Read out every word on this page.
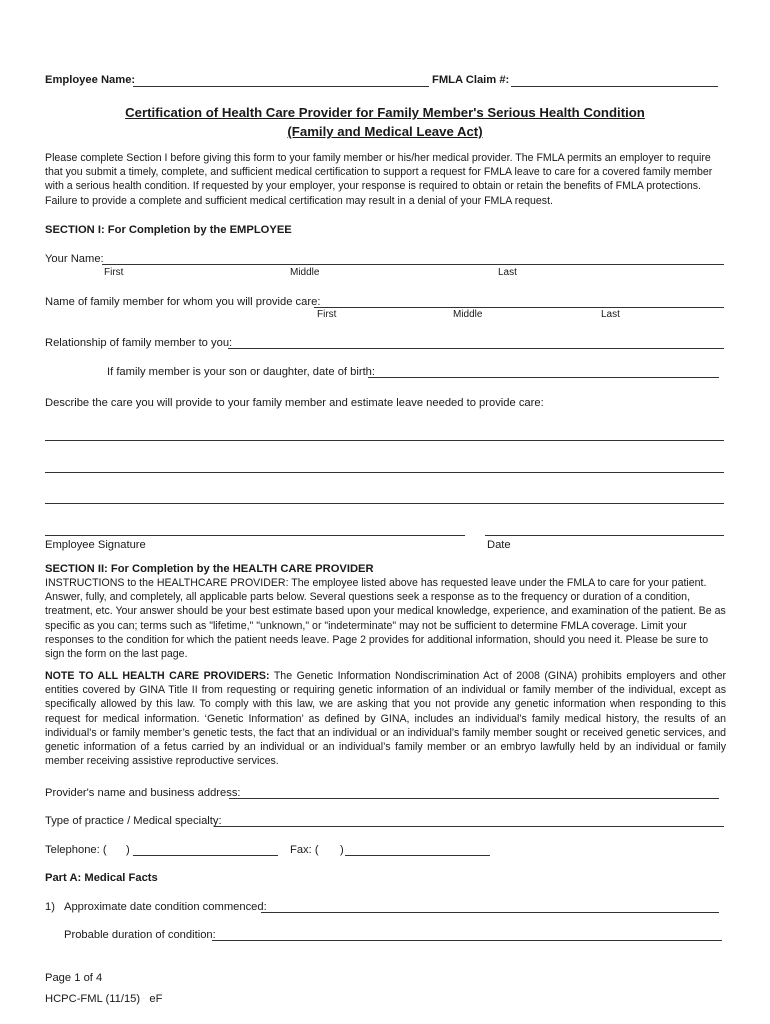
Employee Name:	FMLA Claim #:
Certification of Health Care Provider for Family Member's Serious Health Condition
(Family and Medical Leave Act)
Please complete Section I before giving this form to your family member or his/her medical provider. The FMLA permits an employer to require that you submit a timely, complete, and sufficient medical certification to support a request for FMLA leave to care for a covered family member with a serious health condition. If requested by your employer, your response is required to obtain or retain the benefits of FMLA protections. Failure to provide a complete and sufficient medical certification may result in a denial of your FMLA request.
SECTION I: For Completion by the EMPLOYEE
Your Name:
First	Middle	Last
Name of family member for whom you will provide care:
First	Middle	Last
Relationship of family member to you:
If family member is your son or daughter, date of birth:
Describe the care you will provide to your family member and estimate leave needed to provide care:
Employee Signature	Date
SECTION II: For Completion by the HEALTH CARE PROVIDER
INSTRUCTIONS to the HEALTHCARE PROVIDER: The employee listed above has requested leave under the FMLA to care for your patient. Answer, fully, and completely, all applicable parts below. Several questions seek a response as to the frequency or duration of a condition, treatment, etc. Your answer should be your best estimate based upon your medical knowledge, experience, and examination of the patient. Be as specific as you can; terms such as "lifetime," "unknown," or "indeterminate" may not be sufficient to determine FMLA coverage. Limit your responses to the condition for which the patient needs leave. Page 2 provides for additional information, should you need it. Please be sure to sign the form on the last page.
NOTE TO ALL HEALTH CARE PROVIDERS: The Genetic Information Nondiscrimination Act of 2008 (GINA) prohibits employers and other entities covered by GINA Title II from requesting or requiring genetic information of an individual or family member of the individual, except as specifically allowed by this law. To comply with this law, we are asking that you not provide any genetic information when responding to this request for medical information. ‘Genetic Information’ as defined by GINA, includes an individual’s family medical history, the results of an individual’s or family member’s genetic tests, the fact that an individual or an individual’s family member sought or received genetic services, and genetic information of a fetus carried by an individual or an individual’s family member or an embryo lawfully held by an individual or family member receiving assistive reproductive services.
Provider's name and business address:
Type of practice / Medical specialty:
Telephone: ( )	Fax: ( )
Part A: Medical Facts
1) Approximate date condition commenced:
Probable duration of condition:
Page 1 of 4
HCPC-FML (11/15)   eF
